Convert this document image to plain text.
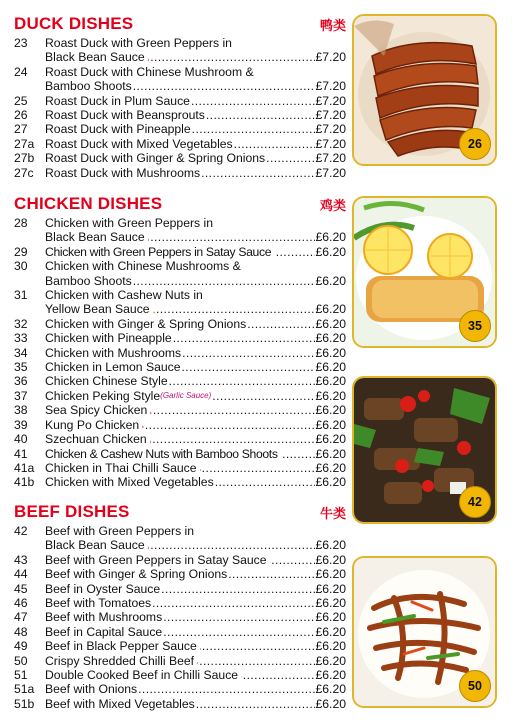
DUCK DISHES	鸭类
23	Roast Duck with Green Peppers in
Black Bean Sauce .....	£7.20
24	Roast Duck with Chinese Mushroom &
Bamboo Shoots .....	£7.20
25	Roast Duck in Plum Sauce .....	£7.20
26	Roast Duck with Beansprouts .....	£7.20
27	Roast Duck with Pineapple .....	£7.20
27a Roast Duck with Mixed Vegetables .....	£7.20
27b Roast Duck with Ginger & Spring Onions .....	£7.20
27c Roast Duck with Mushrooms .....	£7.20
CHICKEN DISHES	鸡类
28	Chicken with Green Peppers in
Black Bean Sauce .....	£6.20
29	Chicken with Green Peppers in Satay Sauce .....	£6.20
30	Chicken with Chinese Mushrooms &
Bamboo Shoots .....	£6.20
31	Chicken with Cashew Nuts in
Yellow Bean Sauce .....	£6.20
32	Chicken with Ginger & Spring Onions .....	£6.20
33	Chicken with Pineapple .....	£6.20
34	Chicken with Mushrooms .....	£6.20
35	Chicken in Lemon Sauce .....	£6.20
36	Chicken Chinese Style .....	£6.20
37	Chicken Peking Style (Garlic Sauce) .....	£6.20
38	Sea Spicy Chicken .....	£6.20
39	Kung Po Chicken .....	£6.20
40	Szechuan Chicken .....	£6.20
41	Chicken & Cashew Nuts with Bamboo Shoots .....	£6.20
41a Chicken in Thai Chilli Sauce .....	£6.20
41b Chicken with Mixed Vegetables .....	£6.20
BEEF DISHES	牛类
42	Beef with Green Peppers in
Black Bean Sauce .....	£6.20
43	Beef with Green Peppers in Satay Sauce .....	£6.20
44	Beef with Ginger & Spring Onions .....	£6.20
45	Beef in Oyster Sauce .....	£6.20
46	Beef with Tomatoes .....	£6.20
47	Beef with Mushrooms .....	£6.20
48	Beef in Capital Sauce .....	£6.20
49	Beef in Black Pepper Sauce .....	£6.20
50	Crispy Shredded Chilli Beef .....	£6.20
51	Double Cooked Beef in Chilli Sauce .....	£6.20
51a Beef with Onions .....	£6.20
51b Beef with Mixed Vegetables .....	£6.20
26
35
42
50
